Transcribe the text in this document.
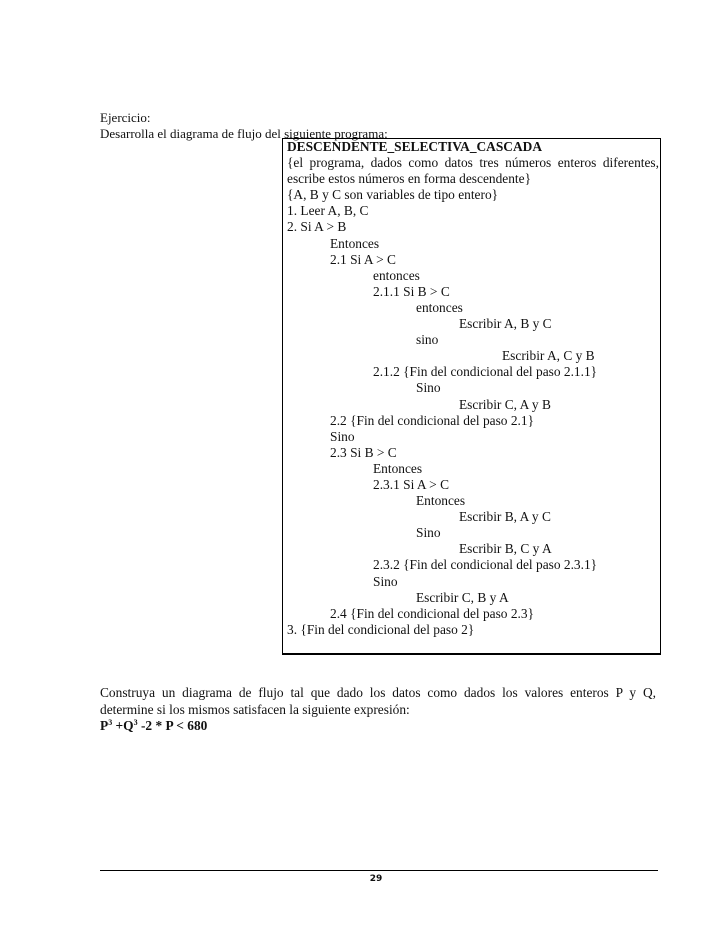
Ejercicio:
Desarrolla el diagrama de flujo del siguiente programa:
DESCENDENTE_SELECTIVA_CASCADA
{el programa, dados como datos tres números enteros diferentes,
escribe estos números en forma descendente}
{A, B y C son variables de tipo entero}
1. Leer A, B, C
2. Si A > B
Entonces
2.1 Si A > C
entonces
2.1.1 Si B > C
entonces
Escribir A, B y C
sino
Escribir A, C y B
2.1.2 {Fin del condicional del paso 2.1.1}
Sino
Escribir C, A y B
2.2 {Fin del condicional del paso 2.1}
Sino
2.3 Si B > C
Entonces
2.3.1 Si A > C
Entonces
Escribir B, A y C
Sino
Escribir B, C y A
2.3.2 {Fin del condicional del paso 2.3.1}
Sino
Escribir C, B y A
2.4 {Fin del condicional del paso 2.3}
3. {Fin del condicional del paso 2}
Construya un diagrama de flujo tal que dado los datos como dados los valores enteros P y Q,
determine si los mismos satisfacen la siguiente expresión:
$P^3 +Q^3$ -2 * P < 680
29
